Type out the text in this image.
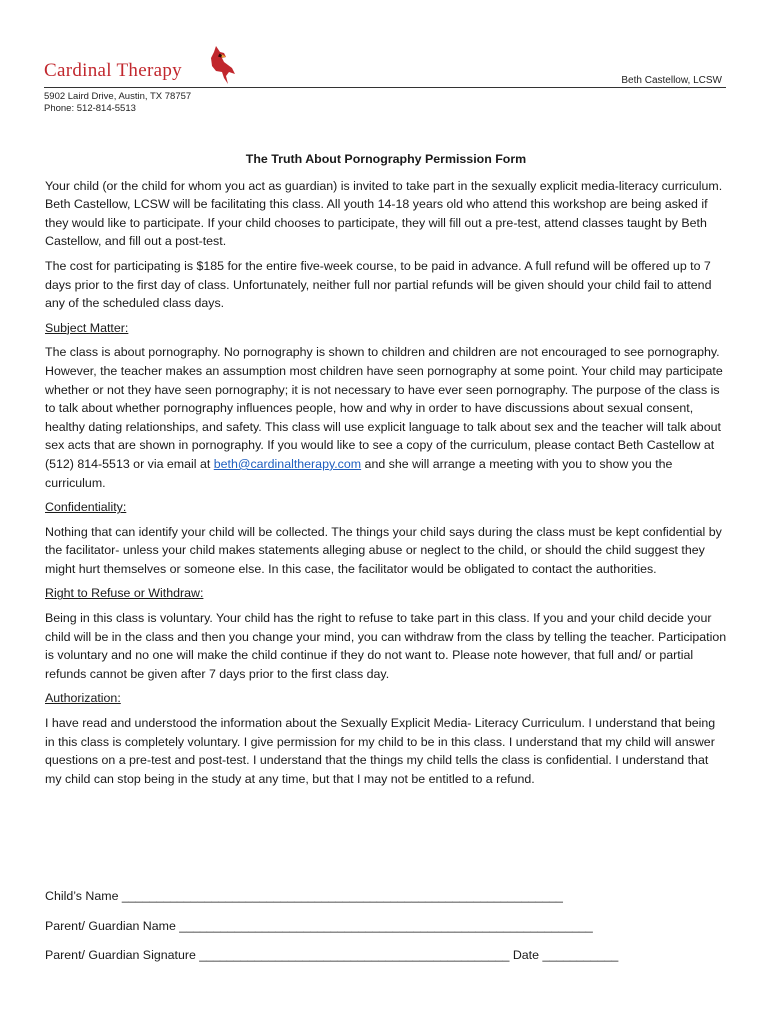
Cardinal Therapy	Beth Castellow, LCSW
5902 Laird Drive, Austin, TX 78757
Phone: 512-814-5513

The Truth About Pornography Permission Form

Your child (or the child for whom you act as guardian) is invited to take part in the sexually explicit media-literacy curriculum. Beth Castellow, LCSW will be facilitating this class. All youth 14-18 years old who attend this workshop are being asked if they would like to participate. If your child chooses to participate, they will fill out a pre-test, attend classes taught by Beth Castellow, and fill out a post-test.

The cost for participating is $185 for the entire five-week course, to be paid in advance. A full refund will be offered up to 7 days prior to the first day of class. Unfortunately, neither full nor partial refunds will be given should your child fail to attend any of the scheduled class days.

Subject Matter:

The class is about pornography. No pornography is shown to children and children are not encouraged to see pornography. However, the teacher makes an assumption most children have seen pornography at some point. Your child may participate whether or not they have seen pornography; it is not necessary to have ever seen pornography. The purpose of the class is to talk about whether pornography influences people, how and why in order to have discussions about sexual consent, healthy dating relationships, and safety. This class will use explicit language to talk about sex and the teacher will talk about sex acts that are shown in pornography. If you would like to see a copy of the curriculum, please contact Beth Castellow at (512) 814-5513 or via email at beth@cardinaltherapy.com and she will arrange a meeting with you to show you the curriculum.

Confidentiality:

Nothing that can identify your child will be collected. The things your child says during the class must be kept confidential by the facilitator- unless your child makes statements alleging abuse or neglect to the child, or should the child suggest they might hurt themselves or someone else. In this case, the facilitator would be obligated to contact the authorities.

Right to Refuse or Withdraw:

Being in this class is voluntary. Your child has the right to refuse to take part in this class. If you and your child decide your child will be in the class and then you change your mind, you can withdraw from the class by telling the teacher. Participation is voluntary and no one will make the child continue if they do not want to. Please note however, that full and/ or partial refunds cannot be given after 7 days prior to the first class day.

Authorization:

I have read and understood the information about the Sexually Explicit Media- Literacy Curriculum. I understand that being in this class is completely voluntary. I give permission for my child to be in this class. I understand that my child will answer questions on a pre-test and post-test. I understand that the things my child tells the class is confidential. I understand that my child can stop being in the study at any time, but that I may not be entitled to a refund.

Child’s Name ________________________________________________________________
Parent/ Guardian Name ____________________________________________________________
Parent/ Guardian Signature _____________________________________________ Date ___________
